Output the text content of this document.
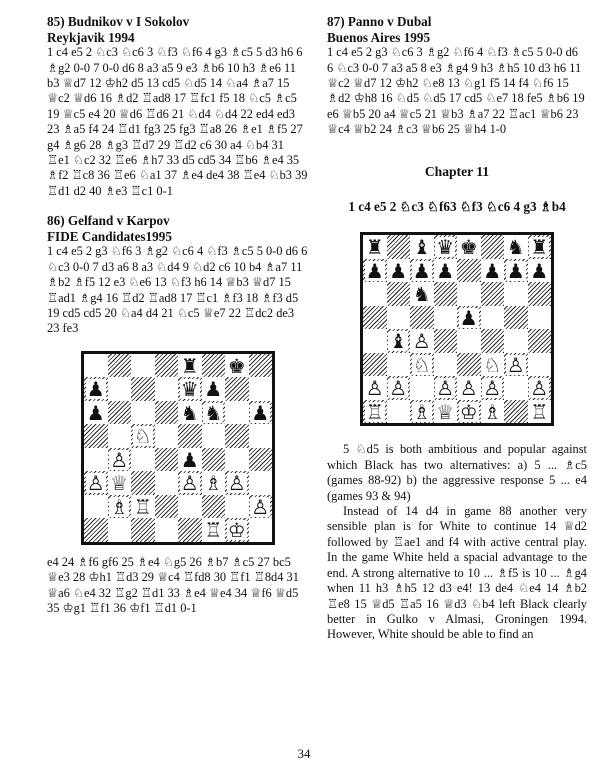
85) Budnikov v I Sokolov
Reykjavik 1994
1 c4 e5 2 ♘c3 ♘c6 3 ♘f3 ♘f6 4 g3 ♗c5 5 d3 h6 6 ♗g2 0-0 7 0-0 d6 8 a3 a5 9 e3 ♗b6 10 h3 ♗e6 11 b3 ♕d7 12 ♔h2 d5 13 cd5 ♘d5 14 ♘a4 ♗a7 15 ♕c2 ♕d6 16 ♗d2 ♖ad8 17 ♖fc1 f5 18 ♘c5 ♗c5 19 ♕c5 e4 20 ♕d6 ♖d6 21 ♘d4 ♘d4 22 ed4 ed3 23 ♗a5 f4 24 ♖d1 fg3 25 fg3 ♖a8 26 ♗e1 ♗f5 27 g4 ♗g6 28 ♗g3 ♖d7 29 ♖d2 c6 30 a4 ♘b4 31 ♖e1 ♘c2 32 ♖e6 ♗h7 33 d5 cd5 34 ♖b6 ♗e4 35 ♗f2 ♖c8 36 ♖e6 ♘a1 37 ♗e4 de4 38 ♖e4 ♘b3 39 ♖d1 d2 40 ♗e3 ♖c1 0-1
86) Gelfand v Karpov
FIDE Candidates1995
1 c4 e5 2 g3 ♘f6 3 ♗g2 ♘c6 4 ♘f3 ♗c5 5 0-0 d6 6 ♘c3 0-0 7 d3 a6 8 a3 ♘d4 9 ♘d2 c6 10 b4 ♗a7 11 ♗b2 ♗f5 12 e3 ♘e6 13 ♘f3 h6 14 ♕b3 ♕d7 15 ♖ad1 ♗g4 16 ♖d2 ♖ad8 17 ♖c1 ♗f3 18 ♗f3 d5 19 cd5 cd5 20 ♘a4 d4 21 ♘c5 ♕e7 22 ♖dc2 de3 23 fe3
♜ ♚
♟	♛ ♟
♟	♞ ♞ ♟
♘
♙	♟
♙ ♕	♙ ♗ ♙
♗ ♖	♙
♖ ♔
e4 24 ♗f6 gf6 25 ♗e4 ♘g5 26 ♗b7 ♗c5 27 bc5 ♕e3 28 ♔h1 ♖d3 29 ♕c4 ♖fd8 30 ♖f1 ♖8d4 31 ♕a6 ♘e4 32 ♖g2 ♖d1 33 ♗e4 ♕e4 34 ♕f6 ♕d5 35 ♔g1 ♖f1 36 ♔f1 ♖d1 0-1
87) Panno v Dubal
Buenos Aires 1995
1 c4 e5 2 g3 ♘c6 3 ♗g2 ♘f6 4 ♘f3 ♗c5 5 0-0 d6 6 ♘c3 0-0 7 a3 a5 8 e3 ♗g4 9 h3 ♗h5 10 d3 h6 11 ♕c2 ♕d7 12 ♔h2 ♘e8 13 ♘g1 f5 14 f4 ♘f6 15 ♗d2 ♔h8 16 ♘d5 ♘d5 17 cd5 ♘e7 18 fe5 ♗b6 19 e6 ♕b5 20 a4 ♕c5 21 ♕b3 ♗a7 22 ♖ac1 ♕b6 23 ♕c4 ♕b2 24 ♗c3 ♕b6 25 ♕h4 1-0
Chapter 11
1 c4 e5 2 ♘c3 ♘f63 ♘f3 ♘c6 4 g3 ♗b4
♜ ♝ ♛ ♚ ♞ ♜
♟ ♟ ♟ ♟ ♟ ♟ ♟
♞
♟
♝ ♙
♘	♘ ♙
♙ ♙ ♙ ♙ ♙ ♙
♖ ♗ ♕ ♔ ♗ ♖
5 ♘d5 is both ambitious and popular against which Black has two alternatives: a) 5 ... ♗c5 (games 88-92) b) the aggressive response 5 ... e4 (games 93 & 94)
Instead of 14 d4 in game 88 another very sensible plan is for White to continue 14 ♕d2 followed by ♖ae1 and f4 with active central play. In the game White held a spacial advantage to the end. A strong alternative to 10 ... ♗f5 is 10 ... ♗g4 when 11 h3 ♗h5 12 d3 e4! 13 de4 ♘e4 14 ♗b2 ♖e8 15 ♕d5 ♖a5 16 ♕d3 ♘b4 left Black clearly better in Gulko v Almasi, Groningen 1994. However, White should be able to find an
34
